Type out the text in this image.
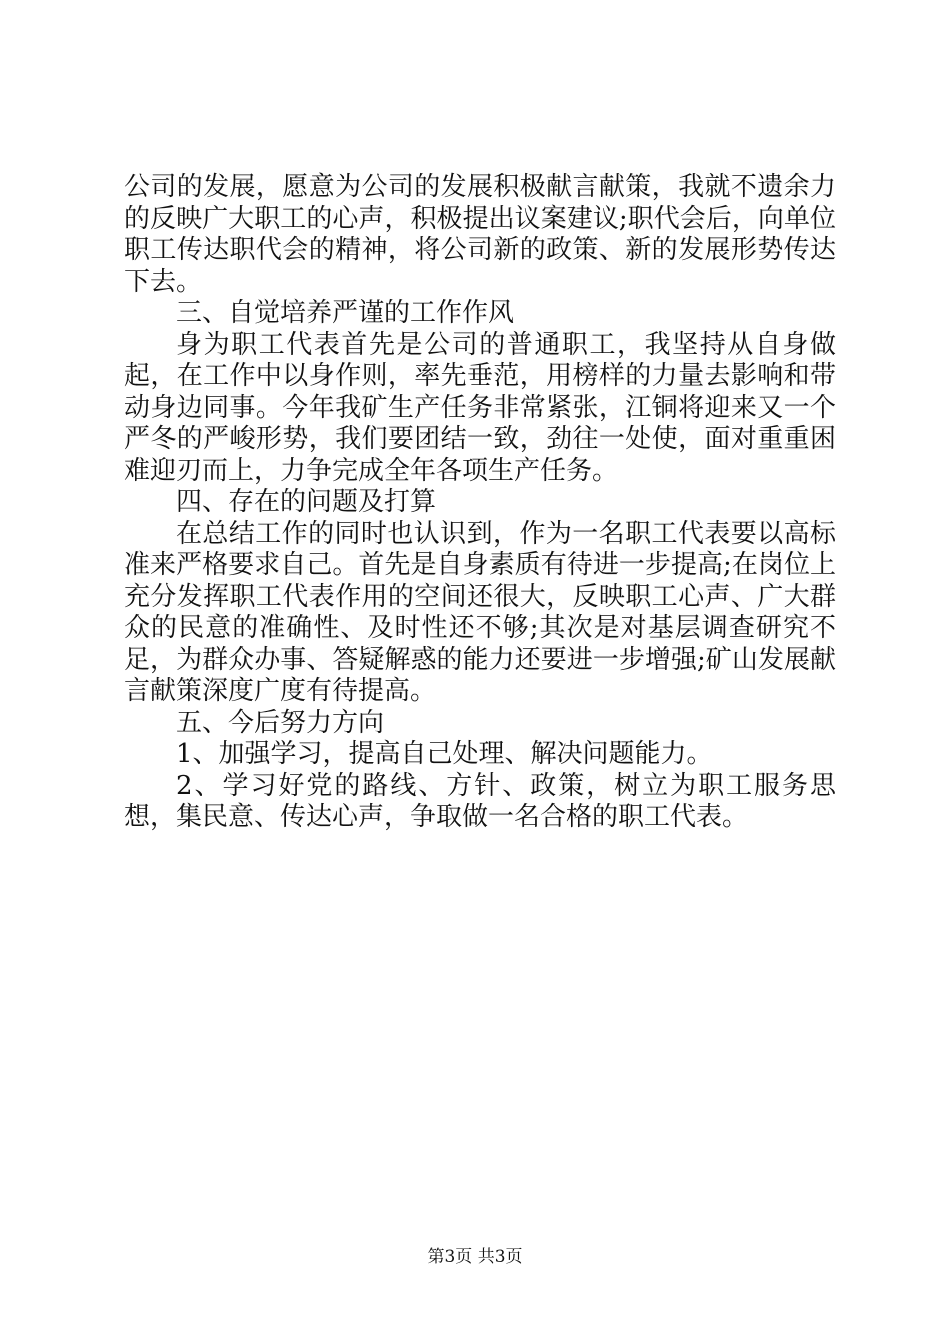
公司的发展，愿意为公司的发展积极献言献策，我就不遗余力的反映广大职工的心声，积极提出议案建议;职代会后，向单位职工传达职代会的精神，将公司新的政策、新的发展形势传达下去。

三、自觉培养严谨的工作作风

身为职工代表首先是公司的普通职工，我坚持从自身做起，在工作中以身作则，率先垂范，用榜样的力量去影响和带动身边同事。今年我矿生产任务非常紧张，江铜将迎来又一个严冬的严峻形势，我们要团结一致，劲往一处使，面对重重困难迎刃而上，力争完成全年各项生产任务。

四、存在的问题及打算

在总结工作的同时也认识到，作为一名职工代表要以高标准来严格要求自己。首先是自身素质有待进一步提高;在岗位上充分发挥职工代表作用的空间还很大，反映职工心声、广大群众的民意的准确性、及时性还不够;其次是对基层调查研究不足，为群众办事、答疑解惑的能力还要进一步增强;矿山发展献言献策深度广度有待提高。

五、今后努力方向

1、加强学习，提高自己处理、解决问题能力。

2、学习好党的路线、方针、政策，树立为职工服务思想，集民意、传达心声，争取做一名合格的职工代表。

第3页 共3页
